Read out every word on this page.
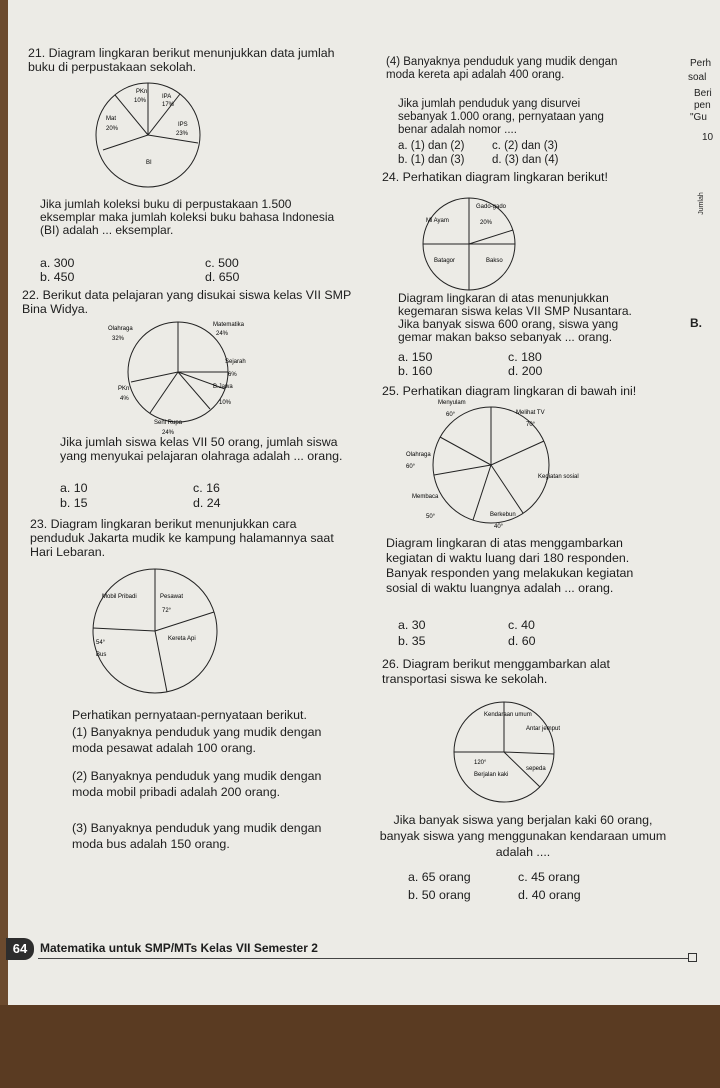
21. Diagram lingkaran berikut menunjukkan data jumlah buku di perpustakaan sekolah.
PKn
10%
IPA
17%
IPS
23%
BI
Mat
20%
Jika jumlah koleksi buku di perpustakaan 1.500 eksemplar maka jumlah koleksi buku bahasa Indonesia (BI) adalah ... eksemplar.
a. 300	c. 500
b. 450	d. 650
22. Berikut data pelajaran yang disukai siswa kelas VII SMP Bina Widya.
Matematika
24%
Sejarah
6%
B.Jawa
10%
Seni Rupa
24%
PKn
4%
Olahraga
32%
Jika jumlah siswa kelas VII 50 orang, jumlah siswa yang menyukai pelajaran olahraga adalah ... orang.
a. 10	c. 16
b. 15	d. 24
23. Diagram lingkaran berikut menunjukkan cara penduduk Jakarta mudik ke kampung halamannya saat Hari Lebaran.
Pesawat
72°
Kereta Api
54°
Bus
Mobil Pribadi
Perhatikan pernyataan-pernyataan berikut.
(1) Banyaknya penduduk yang mudik dengan moda pesawat adalah 100 orang.
(2) Banyaknya penduduk yang mudik dengan moda mobil pribadi adalah 200 orang.
(3) Banyaknya penduduk yang mudik dengan moda bus adalah 150 orang.
(4) Banyaknya penduduk yang mudik dengan moda kereta api adalah 400 orang.
Jika jumlah penduduk yang disurvei sebanyak 1.000 orang, pernyataan yang benar adalah nomor ....
a. (1) dan (2) c. (2) dan (3)
b. (1) dan (3) d. (3) dan (4)
24. Perhatikan diagram lingkaran berikut!
Mi Ayam
Gado-gado
20%
Bakso
Batagor
Diagram lingkaran di atas menunjukkan kegemaran siswa kelas VII SMP Nusantara. Jika banyak siswa 600 orang, siswa yang gemar makan bakso sebanyak ... orang.
a. 150	c. 180
b. 160	d. 200
25. Perhatikan diagram lingkaran di bawah ini!
Menyulam
60°	Melihat TV
70°
Kegiatan sosial
Berkebun
40°
Membaca
50°
Olahraga
60°
Diagram lingkaran di atas menggambarkan kegiatan di waktu luang dari 180 responden. Banyak responden yang melakukan kegiatan sosial di waktu luangnya adalah ... orang.
a. 30	c. 40
b. 35	d. 60
26. Diagram berikut menggambarkan alat transportasi siswa ke sekolah.
Kendaraan umum
Antar jemput
sepeda
Berjalan kaki
120°
Jika banyak siswa yang berjalan kaki 60 orang, banyak siswa yang menggunakan kendaraan umum adalah ....
a. 65 orang	c. 45 orang
b. 50 orang	d. 40 orang
Perh
soal
Beri
pen
"Gu
10
Jumlah
B.
64	Matematika untuk SMP/MTs Kelas VII Semester 2
